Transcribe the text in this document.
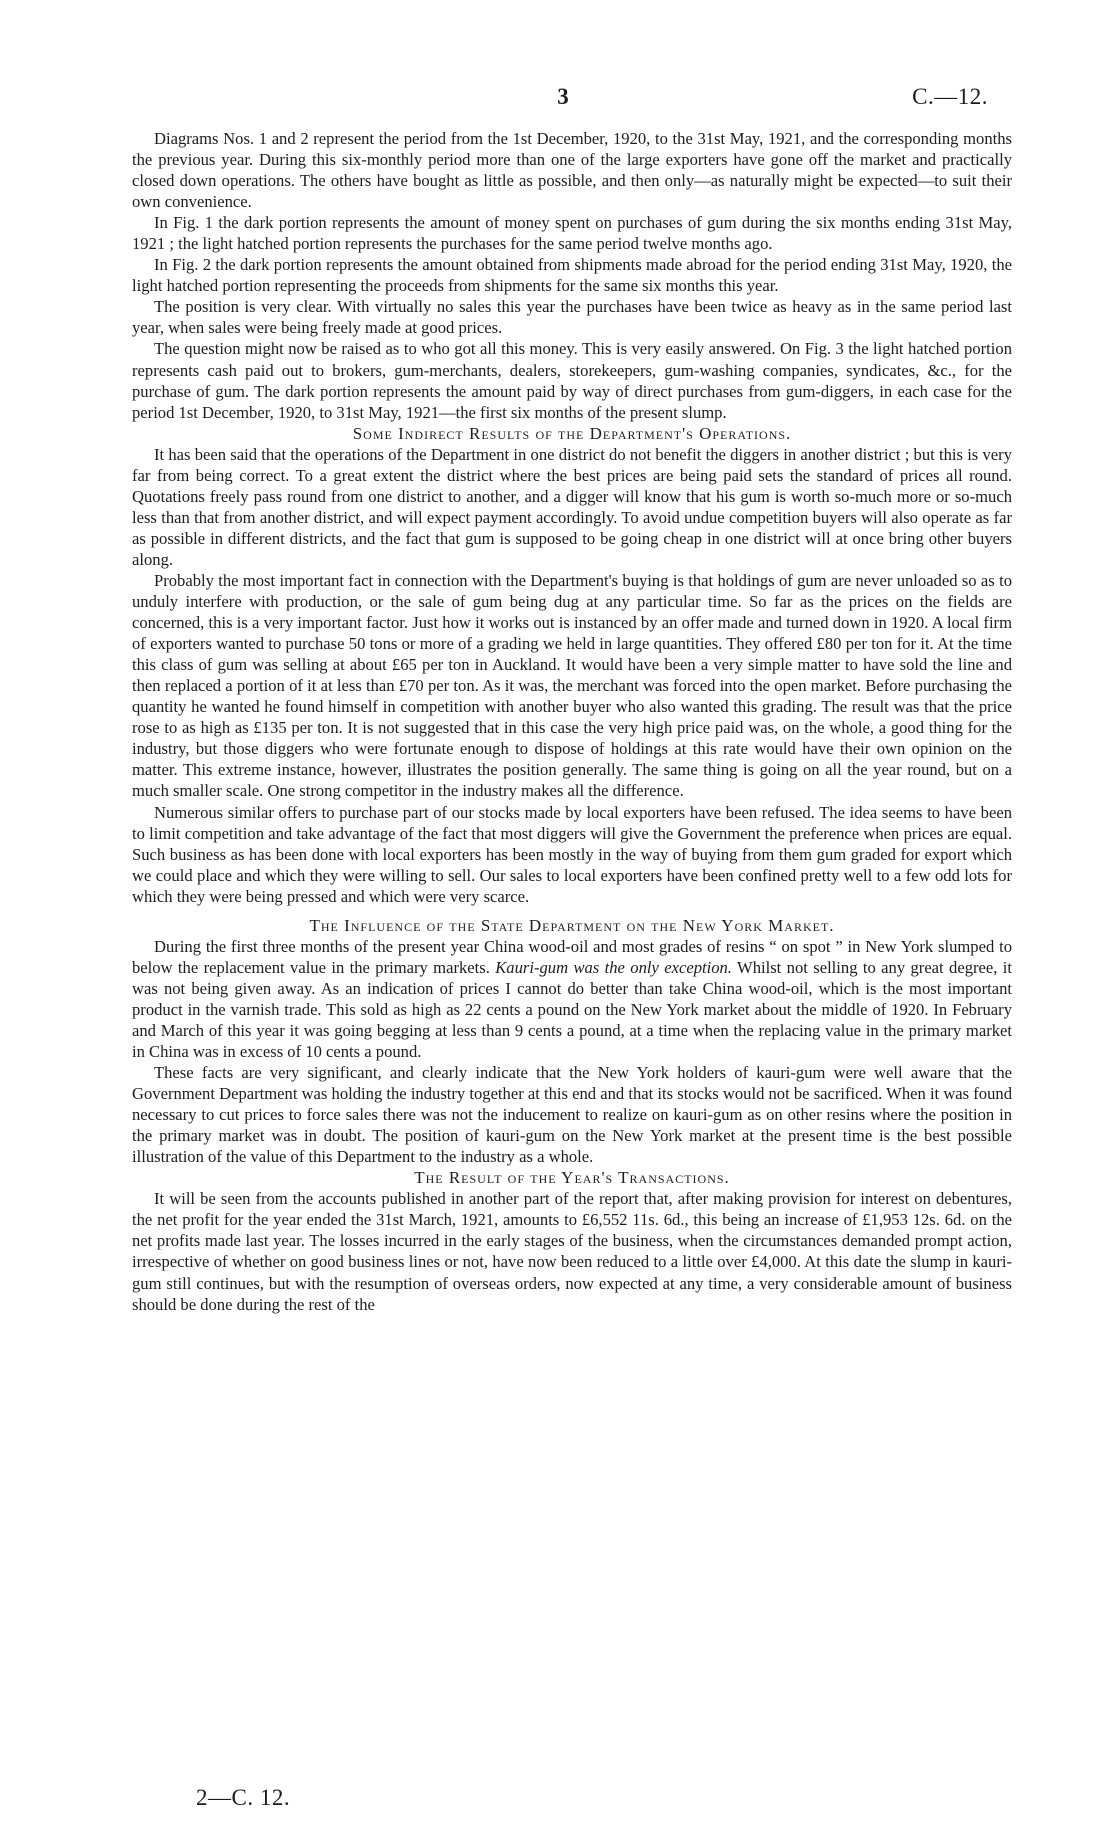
3	C.—12.

Diagrams Nos. 1 and 2 represent the period from the 1st December, 1920, to the 31st May, 1921, and the corresponding months the previous year. During this six-monthly period more than one of the large exporters have gone off the market and practically closed down operations. The others have bought as little as possible, and then only—as naturally might be expected—to suit their own convenience.

In Fig. 1 the dark portion represents the amount of money spent on purchases of gum during the six months ending 31st May, 1921 ; the light hatched portion represents the purchases for the same period twelve months ago.

In Fig. 2 the dark portion represents the amount obtained from shipments made abroad for the period ending 31st May, 1920, the light hatched portion representing the proceeds from shipments for the same six months this year.

The position is very clear. With virtually no sales this year the purchases have been twice as heavy as in the same period last year, when sales were being freely made at good prices.

The question might now be raised as to who got all this money. This is very easily answered. On Fig. 3 the light hatched portion represents cash paid out to brokers, gum-merchants, dealers, storekeepers, gum-washing companies, syndicates, &c., for the purchase of gum. The dark portion represents the amount paid by way of direct purchases from gum-diggers, in each case for the period 1st December, 1920, to 31st May, 1921—the first six months of the present slump.

Some Indirect Results of the Department's Operations.

It has been said that the operations of the Department in one district do not benefit the diggers in another district ; but this is very far from being correct. To a great extent the district where the best prices are being paid sets the standard of prices all round. Quotations freely pass round from one district to another, and a digger will know that his gum is worth so-much more or so-much less than that from another district, and will expect payment accordingly. To avoid undue competition buyers will also operate as far as possible in different districts, and the fact that gum is supposed to be going cheap in one district will at once bring other buyers along.

Probably the most important fact in connection with the Department's buying is that holdings of gum are never unloaded so as to unduly interfere with production, or the sale of gum being dug at any particular time. So far as the prices on the fields are concerned, this is a very important factor. Just how it works out is instanced by an offer made and turned down in 1920. A local firm of exporters wanted to purchase 50 tons or more of a grading we held in large quantities. They offered £80 per ton for it. At the time this class of gum was selling at about £65 per ton in Auckland. It would have been a very simple matter to have sold the line and then replaced a portion of it at less than £70 per ton. As it was, the merchant was forced into the open market. Before purchasing the quantity he wanted he found himself in competition with another buyer who also wanted this grading. The result was that the price rose to as high as £135 per ton. It is not suggested that in this case the very high price paid was, on the whole, a good thing for the industry, but those diggers who were fortunate enough to dispose of holdings at this rate would have their own opinion on the matter. This extreme instance, however, illustrates the position generally. The same thing is going on all the year round, but on a much smaller scale. One strong competitor in the industry makes all the difference.

Numerous similar offers to purchase part of our stocks made by local exporters have been refused. The idea seems to have been to limit competition and take advantage of the fact that most diggers will give the Government the preference when prices are equal. Such business as has been done with local exporters has been mostly in the way of buying from them gum graded for export which we could place and which they were willing to sell. Our sales to local exporters have been confined pretty well to a few odd lots for which they were being pressed and which were very scarce.

The Influence of the State Department on the New York Market.

During the first three months of the present year China wood-oil and most grades of resins “ on spot ” in New York slumped to below the replacement value in the primary markets. Kauri-gum was the only exception. Whilst not selling to any great degree, it was not being given away. As an indication of prices I cannot do better than take China wood-oil, which is the most important product in the varnish trade. This sold as high as 22 cents a pound on the New York market about the middle of 1920. In February and March of this year it was going begging at less than 9 cents a pound, at a time when the replacing value in the primary market in China was in excess of 10 cents a pound.

These facts are very significant, and clearly indicate that the New York holders of kauri-gum were well aware that the Government Department was holding the industry together at this end and that its stocks would not be sacrificed. When it was found necessary to cut prices to force sales there was not the inducement to realize on kauri-gum as on other resins where the position in the primary market was in doubt. The position of kauri-gum on the New York market at the present time is the best possible illustration of the value of this Department to the industry as a whole.

The Result of the Year's Transactions.

It will be seen from the accounts published in another part of the report that, after making provision for interest on debentures, the net profit for the year ended the 31st March, 1921, amounts to £6,552 11s. 6d., this being an increase of £1,953 12s. 6d. on the net profits made last year. The losses incurred in the early stages of the business, when the circumstances demanded prompt action, irrespective of whether on good business lines or not, have now been reduced to a little over £4,000. At this date the slump in kauri-gum still continues, but with the resumption of overseas orders, now expected at any time, a very considerable amount of business should be done during the rest of the

2—C. 12.
